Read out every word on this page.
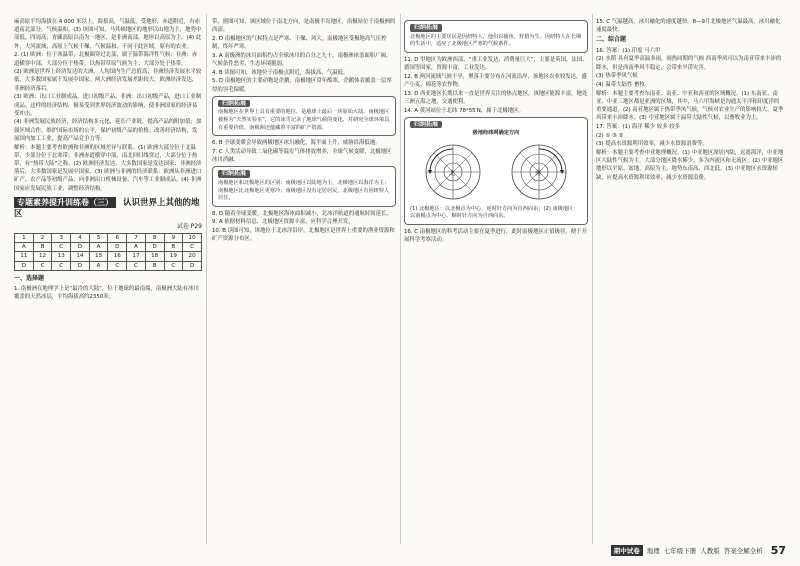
麻高原平均海拔在 4 000 米以上，海拔高，气温低，受地形，赤道附近，有赤道南北部分，气候温和。(3) 该图可知，马其顿地区的地形以山地为主，地势中部低、四周高；青藏高原以南为一地区，是非洲南部，地形以高原为主。(4) 此外，大河流域，高原上气候干燥，气候温和，不同于此区域，原有的农业。

2. (1) 欧洲：位于寒温带，北极圈穿过北部，属于温带海洋性气候；非洲：赤道横穿中部，大部分位于热带，以热带草原气候为主；大部分处于热带。

(2) 欧洲是世界上经济发达的大洲，人均国内生产总值高；非洲经济发展水平较低，大多数国家属于发展中国家。两大洲经济发展差距较大，欧洲经济发达，非洲经济落后。

(3) 欧洲：出口工业制成品，进口初级产品。非洲：出口初级产品，进口工业制成品。这样的经济结构，极易受到世界经济波动的影响，使非洲国家的经济易受冲击。

(4) 非洲发展民族经济，经济结构多元化，延长产业链，提高产品的附加值；加强区域合作，维护国际市场的公平，保护初级产品的价格；改善经济结构，发展国内加工工业，提高产品竞争力等。

解析：本题主要考查欧洲和非洲的区域差异与联系。(1) 欧洲大部分位于北温带，少部分位于北寒带；非洲赤道横穿中部，南北回归线穿过，大部分位于热带，有“热带大陆”之称。(2) 欧洲经济发达，大多数国家是发达国家；非洲经济落后，大多数国家是发展中国家。(3) 欧洲与非洲的经济联系：欧洲从非洲进口矿产、农产品等初级产品，向非洲出口机械设备、汽车等工业制成品。(4) 非洲国家应发展民族工业，调整经济结构。

专题素养提升训练卷（三） 认识世界上其他的地区
试卷 P29
1	2	3	4	5	6	7	8	9	10
A	B	C	D	A	D	A	D	B	C
11	12	13	14	15	16	17	18	19	20
D	C	C	D	A	C	C	B	C	D
一、选择题

1. 南极洲在地理学上是“最冷的大陆”，位于地球的最南端，南极洲大陆有冰川覆盖的天然冰层，平均海拔高约2350米。

带。据图可知，该区域位于南北方向，是南极半岛地区，南极站位于南极洲的西部。

2. D 南极地区的气候特点是严寒、干燥、风大。南极地区受极地高气压控制，终年严寒。

3. A 南极洲的冰川面积约占全球冰川的百分之九十，南极洲冰盖面积广阔，气候条件恶劣，生态环境脆弱。

4. B 读图可知，该地位于南极点附近，海拔高、气温低。

5. D 南极地区的主要动物是企鹅，南极地区常年酷寒，企鹅体表覆盖一层厚厚的羽毛保暖。

归纳拓展
南极地区在世界上具有重要的地位，是地球上最后一块原始大陆。南极地区被称为“天然实验室”，它的冰雪记录了地球气候的变化，对研究全球环境具有重要价值。南极洲还蕴藏着丰富的矿产资源。

6. B 全球变暖会导致两极地区冰川融化，海平面上升，威胁沿海低地。

7. C 人类活动导致二氧化碳等温室气体排放增多，全球气候变暖，北极地区冰川消融。

归纳拓展
南极地区和北极地区的区别：南极地区以陆地为主，北极地区以海洋为主；南极地区比北极地区更寒冷；南极地区没有定居居民，北极地区有因纽特人居住。

8. D 随着全球变暖，北极地区海冰面积减小，北冰洋航道的通航时间延长。

9. A 依据材料信息，北极地区资源丰富，应科学合理开发。

10. B 读图可知，该地位于北冰洋沿岸，北极地区是世界上重要的渔业资源和矿产资源分布区。

归纳拓展
北极地区的主要居民是因纽特人，他们以捕鱼、狩猎为生。因纽特人在长期的生活中，适应了北极地区严寒的气候条件。

11. D 甲地区为欧洲西部，“重工业发达，消费量巨大”，主要是英国、法国、德国等国家，资源丰富，工业发达。

12. B 两河流域气候干旱，聚落主要分布在河流沿岸，该地区农业较发达，盛产小麦、棉花等农作物。

13. D 西亚地区长期以来一直是世界关注的热点地区，该地区能源丰富，地处三洲五海之地，交通便利。

14. A 黄河站位于北纬 78°55′N，属于北极地区。

归纳拓展
极地经纬网确定方向
北	南
(1) 北极地区：以北极点为中心，逆时针方向为自西向东；(2) 南极地区：以南极点为中心，顺时针方向为自西向东。

16. C 南极地区的科考活动主要在夏季进行，此时南极地区正值极昼，便于开展科学考察活动。

15. C 气温越高，冰川融化的速度越快。8—9月北极地区气温最高，冰川融化速度最快。

二、综合题

16. 答案：(1) 印度 马六甲

(2) 水稻 具有夏季高温多雨，雨热同期的气候 西南季风可以为南亚带来丰沛的降水，但是西南季风不稳定，会带来旱涝灾害。

(3) 热带季风气候

(4) 温带大陆性 畜牧

解析：本题主要考查东南亚、南亚、中亚和西亚的区域概况。(1) 东南亚、南亚、中亚三地区都是亚洲的区域，其中，马六甲海峡是沟通太平洋和印度洋的重要通道。(2) 南亚地区属于热带季风气候，气候对农业生产的影响较大，夏季风带来丰沛降水。(3) 中亚地区属于温带大陆性气候，以畜牧业为主。

17. 答案：(1) 海洋 稀少 较多 较多

(2) ① ③ ②

(3) 提高水资源利用效率，减少水资源浪费等。

解析：本题主要考查中亚地理概况。(1) 中亚地区深居内陆，远离海洋，中亚地区大陆性气候为主，大部分地区降水稀少，多为内流区和无流区。(2) 中亚地区地形以平原、盆地、高原为主，地势东南高、西北低。(3) 中亚地区水资源短缺，应提高水资源利用效率，减少水资源浪费。

期中试卷	地理 七年级下册 人教版 答案全解全析 57
